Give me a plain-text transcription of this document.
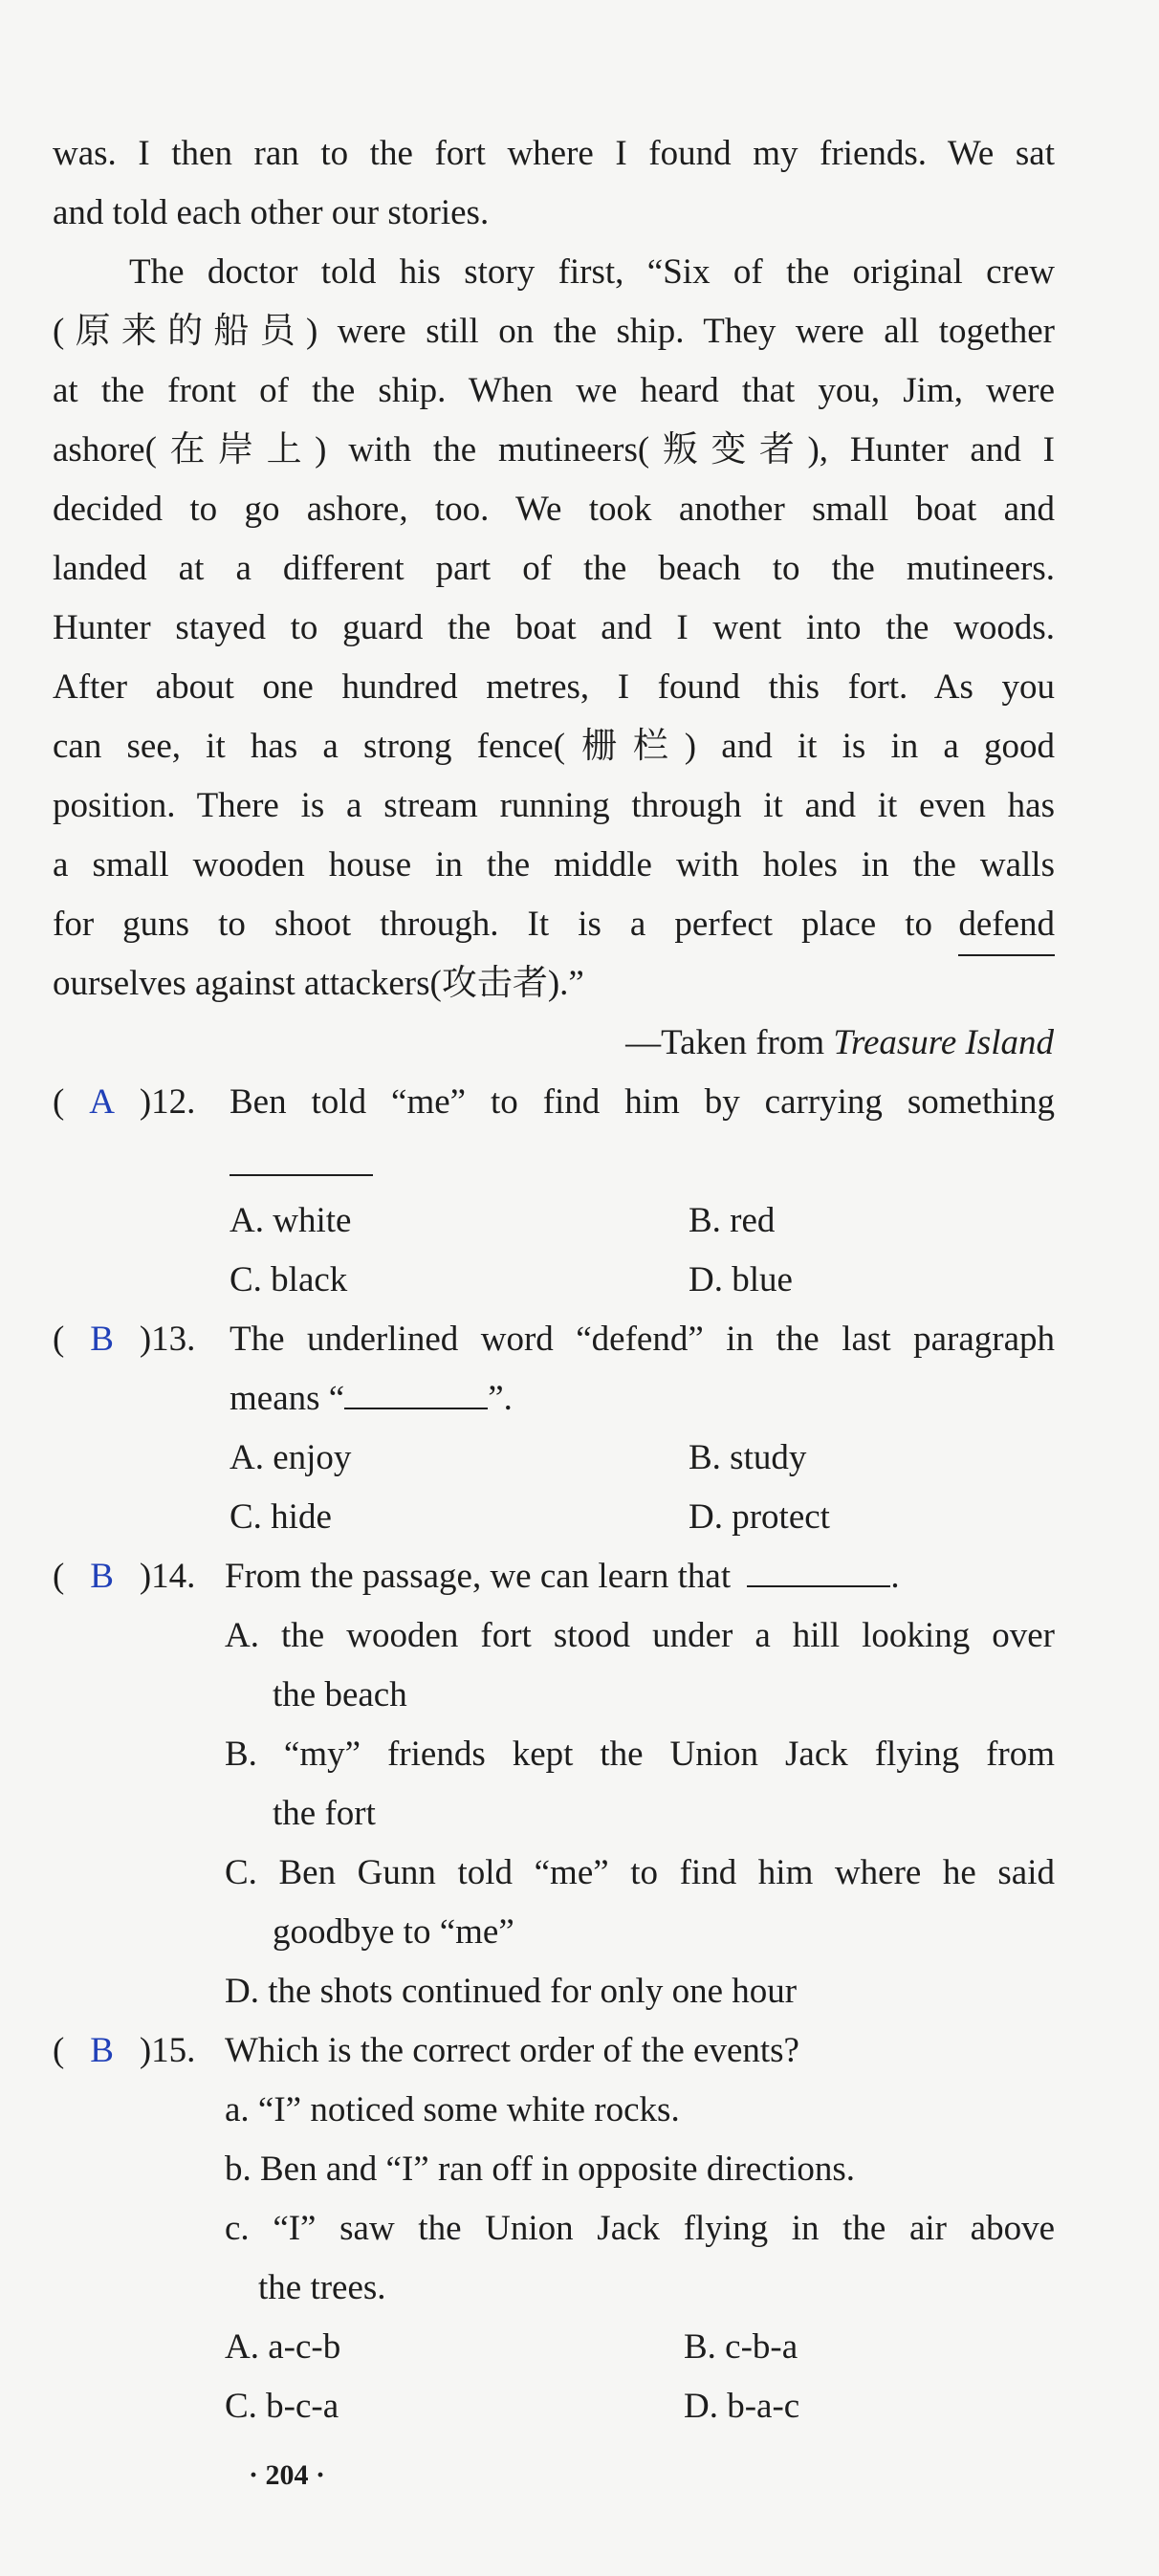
was. I then ran to the fort where I found my friends. We sat
and told each other our stories.
The doctor told his story first, “Six of the original crew
(原来的船员) were still on the ship. They were all together
at the front of the ship. When we heard that you, Jim, were
ashore(在岸上) with the mutineers(叛变者), Hunter and I
decided to go ashore, too. We took another small boat and
landed at a different part of the beach to the mutineers.
Hunter stayed to guard the boat and I went into the woods.
After about one hundred metres, I found this fort. As you
can see, it has a strong fence(栅栏) and it is in a good
position. There is a stream running through it and it even has
a small wooden house in the middle with holes in the walls
for guns to shoot through. It is a perfect place to defend
ourselves against attackers(攻击者).”
—Taken from Treasure Island
( A )12. Ben told “me” to find him by carrying something
A. white	B. red
C. black	D. blue
( B )13. The underlined word “defend” in the last paragraph
means “	”.
A. enjoy	B. study
C. hide	D. protect
( B )14. From the passage, we can learn that	.
A. the wooden fort stood under a hill looking over
the beach
B. “my” friends kept the Union Jack flying from
the fort
C. Ben Gunn told “me” to find him where he said
goodbye to “me”
D. the shots continued for only one hour
( B )15. Which is the correct order of the events?
a. “I” noticed some white rocks.
b. Ben and “I” ran off in opposite directions.
c. “I” saw the Union Jack flying in the air above
the trees.
A. a-c-b	B. c-b-a
C. b-c-a	D. b-a-c
· 204 ·
